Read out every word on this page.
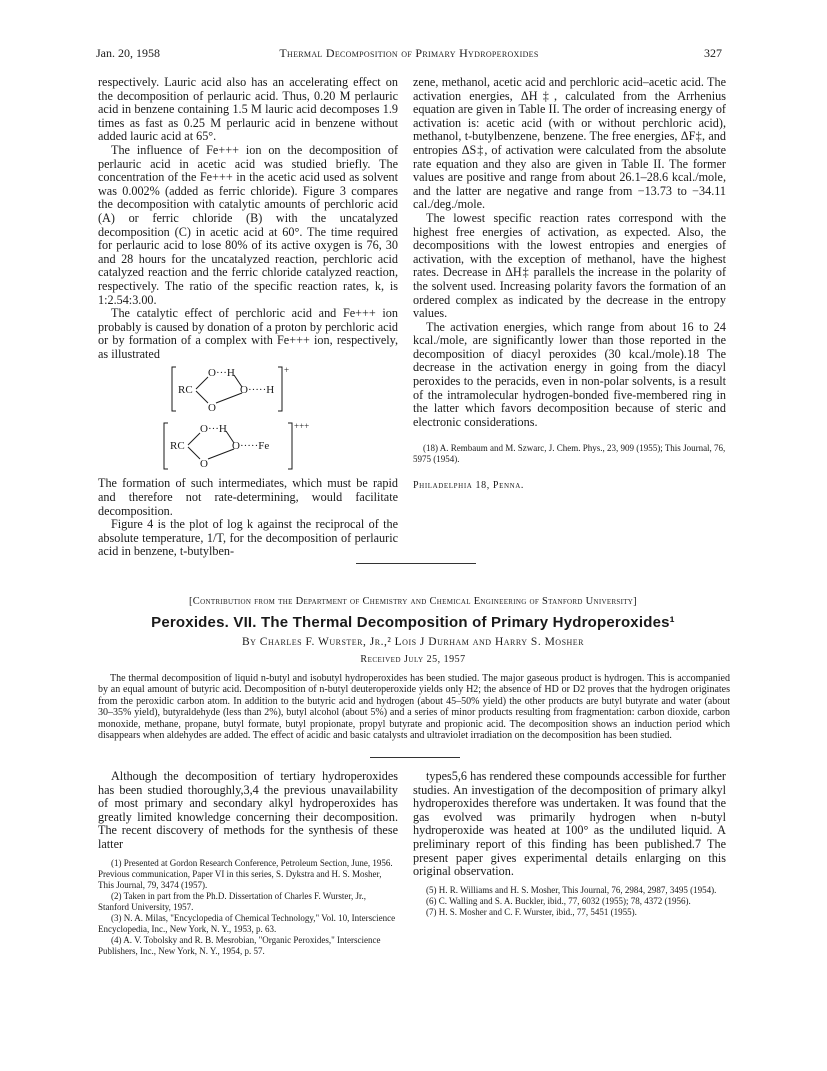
Jan. 20, 1958	Thermal Decomposition of Primary Hydroperoxides	327

respectively. Lauric acid also has an accelerating effect on the decomposition of perlauric acid. Thus, 0.20 M perlauric acid in benzene containing 1.5 M lauric acid decomposes 1.9 times as fast as 0.25 M perlauric acid in benzene without added lauric acid at 65°.

The influence of Fe+++ ion on the decomposition of perlauric acid in acetic acid was studied briefly. The concentration of the Fe+++ in the acetic acid used as solvent was 0.002% (added as ferric chloride). Figure 3 compares the decomposition with catalytic amounts of perchloric acid (A) or ferric chloride (B) with the uncatalyzed decomposition (C) in acetic acid at 60°. The time required for perlauric acid to lose 80% of its active oxygen is 76, 30 and 28 hours for the uncatalyzed reaction, perchloric acid catalyzed reaction and the ferric chloride catalyzed reaction, respectively. The ratio of the specific reaction rates, k, is 1:2.54:3.00.

The catalytic effect of perchloric acid and Fe+++ ion probably is caused by donation of a proton by perchloric acid or by formation of a complex with Fe+++ ion, respectively, as illustrated

RC
O···H
O
O·····H
+
RC
O···H
O
O·····Fe
+++

The formation of such intermediates, which must be rapid and therefore not rate-determining, would facilitate decomposition.

Figure 4 is the plot of log k against the reciprocal of the absolute temperature, 1/T, for the decomposition of perlauric acid in benzene, t-butylben-

zene, methanol, acetic acid and perchloric acid–acetic acid. The activation energies, ΔH‡, calculated from the Arrhenius equation are given in Table II. The order of increasing energy of activation is: acetic acid (with or without perchloric acid), methanol, t-butylbenzene, benzene. The free energies, ΔF‡, and entropies ΔS‡, of activation were calculated from the absolute rate equation and they also are given in Table II. The former values are positive and range from about 26.1–28.6 kcal./mole, and the latter are negative and range from −13.73 to −34.11 cal./deg./mole.

The lowest specific reaction rates correspond with the highest free energies of activation, as expected. Also, the decompositions with the lowest entropies and energies of activation, with the exception of methanol, have the highest rates. Decrease in ΔH‡ parallels the increase in the polarity of the solvent used. Increasing polarity favors the formation of an ordered complex as indicated by the decrease in the entropy values.

The activation energies, which range from about 16 to 24 kcal./mole, are significantly lower than those reported in the decomposition of diacyl peroxides (30 kcal./mole).18 The decrease in the activation energy in going from the diacyl peroxides to the peracids, even in non-polar solvents, is a result of the intramolecular hydrogen-bonded five-membered ring in the latter which favors decomposition because of steric and electronic considerations.

(18) A. Rembaum and M. Szwarc, J. Chem. Phys., 23, 909 (1955); This Journal, 76, 5975 (1954).

Philadelphia 18, Penna.
[Contribution from the Department of Chemistry and Chemical Engineering of Stanford University]
Peroxides. VII. The Thermal Decomposition of Primary Hydroperoxides¹
By Charles F. Wurster, Jr.,² Lois J Durham and Harry S. Mosher
Received July 25, 1957

The thermal decomposition of liquid n-butyl and isobutyl hydroperoxides has been studied. The major gaseous product is hydrogen. This is accompanied by an equal amount of butyric acid. Decomposition of n-butyl deuteroperoxide yields only H2; the absence of HD or D2 proves that the hydrogen originates from the peroxidic carbon atom. In addition to the butyric acid and hydrogen (about 45–50% yield) the other products are butyl butyrate and water (about 30–35% yield), butyraldehyde (less than 2%), butyl alcohol (about 5%) and a series of minor products resulting from fragmentation: carbon dioxide, carbon monoxide, methane, propane, butyl formate, butyl propionate, propyl butyrate and propionic acid. The decomposition shows an induction period which disappears when aldehydes are added. The effect of acidic and basic catalysts and ultraviolet irradiation on the decomposition has been studied.

Although the decomposition of tertiary hydroperoxides has been studied thoroughly,3,4 the previous unavailability of most primary and secondary alkyl hydroperoxides has greatly limited knowledge concerning their decomposition. The recent discovery of methods for the synthesis of these latter

(1) Presented at Gordon Research Conference, Petroleum Section, June, 1956. Previous communication, Paper VI in this series, S. Dykstra and H. S. Mosher, This Journal, 79, 3474 (1957).

(2) Taken in part from the Ph.D. Dissertation of Charles F. Wurster, Jr., Stanford University, 1957.

(3) N. A. Milas, "Encyclopedia of Chemical Technology," Vol. 10, Interscience Encyclopedia, Inc., New York, N. Y., 1953, p. 63.

(4) A. V. Tobolsky and R. B. Mesrobian, "Organic Peroxides," Interscience Publishers, Inc., New York, N. Y., 1954, p. 57.

types5,6 has rendered these compounds accessible for further studies. An investigation of the decomposition of primary alkyl hydroperoxides therefore was undertaken. It was found that the gas evolved was primarily hydrogen when n-butyl hydroperoxide was heated at 100° as the undiluted liquid. A preliminary report of this finding has been published.7 The present paper gives experimental details enlarging on this original observation.

(5) H. R. Williams and H. S. Mosher, This Journal, 76, 2984, 2987, 3495 (1954).

(6) C. Walling and S. A. Buckler, ibid., 77, 6032 (1955); 78, 4372 (1956).

(7) H. S. Mosher and C. F. Wurster, ibid., 77, 5451 (1955).
